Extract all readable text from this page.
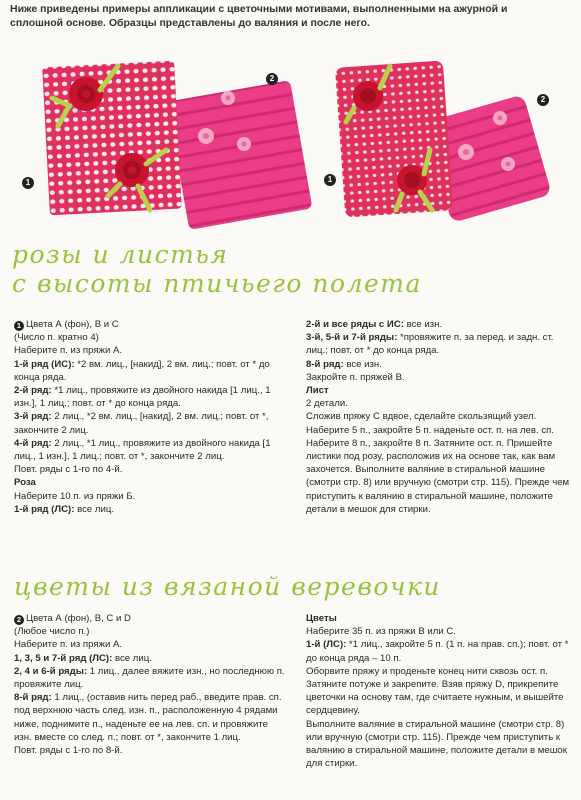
Ниже приведены примеры аппликации с цветочными мотивами, выполненными на ажурной и сплошной основе. Образцы представлены до валяния и после него.
1
2
1
2
розы и листья
с высоты птичьего полета

1 Цвета А (фон), В и С

(Число п. кратно 4)

Наберите п. из пряжи А.

1-й ряд (ИС): *2 вм. лиц., [накид], 2 вм. лиц.; повт. от * до конца ряда.

2-й ряд: *1 лиц., провяжите из двойного накида [1 лиц., 1 изн.], 1 лиц.; повт. от * до конца ряда.

3-й ряд: 2 лиц., *2 вм. лиц., [накид], 2 вм. лиц.; повт. от *, закончите 2 лиц.

4-й ряд: 2 лиц., *1 лиц., провяжите из двойного накида [1 лиц., 1 изн.], 1 лиц.; повт. от *, закончите 2 лиц.

Повт. ряды с 1-го по 4-й.

Роза

Наберите 10 п. из пряжи Б.

1-й ряд (ЛС): все лиц.

2-й и все ряды с ИС: все изн.

3-й, 5-й и 7-й ряды: *провяжите п. за перед. и задн. ст. лиц.; повт. от * до конца ряда.

8-й ряд: все изн.

Закройте п. пряжей В.

Лист

2 детали.

Сложив пряжу С вдвое, сделайте скользящий узел. Наберите 5 п., закройте 5 п. наденьте ост. п. на лев. сп. Наберите 8 п., закройте 8 п. Затяните ост. п. Пришейте листики под розу, расположив их на основе так, как вам захочется. Выполните валяние в стиральной машине (смотри стр. 8) или вручную (смотри стр. 115). Прежде чем приступить к валянию в стиральной машине, положите детали в мешок для стирки.

цветы из вязаной веревочки

2 Цвета А (фон), В, С и D

(Любое число п.)

Наберите п. из пряжи А.

1, 3, 5 и 7-й ряд (ЛС): все лиц.

2, 4 и 6-й ряды: 1 лиц., далее вяжите изн., но последнюю п. провяжите лиц.

8-й ряд: 1 лиц., (оставив нить перед раб., введите прав. сп. под верхнюю часть след. изн. п., расположенную 4 рядами ниже, поднимите п., наденьте ее на лев. сп. и провяжите изн. вместе со след. п.; повт. от *, закончите 1 лиц.

Повт. ряды с 1-го по 8-й.

Цветы

Наберите 35 п. из пряжи В или С.

1-й (ЛС): *1 лиц., закройте 5 п. (1 п. на прав. сп.); повт. от * до конца ряда – 10 п.

Оборвите пряжу и проденьте конец нити сквозь ост. п. Затяните потуже и закрепите. Взяв пряжу D, прикрепите цветочки на основу там, где считаете нужным, и вышейте сердцевину.

Выполните валяние в стиральной машине (смотри стр. 8) или вручную (смотри стр. 115). Прежде чем приступить к валянию в стиральной машине, положите детали в мешок для стирки.
